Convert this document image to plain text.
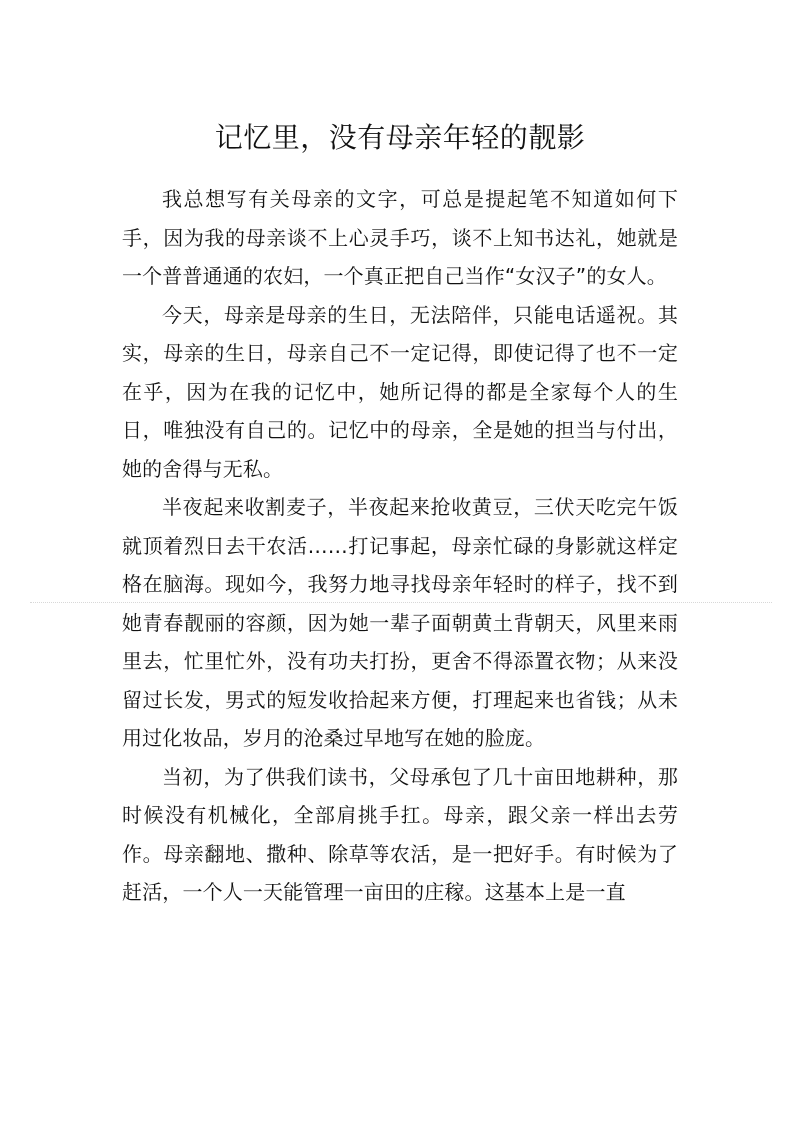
记忆里，没有母亲年轻的靓影

我总想写有关母亲的文字，可总是提起笔不知道如何下手，因为我的母亲谈不上心灵手巧，谈不上知书达礼，她就是一个普普通通的农妇，一个真正把自己当作“女汉子”的女人。

今天，母亲是母亲的生日，无法陪伴，只能电话遥祝。其实，母亲的生日，母亲自己不一定记得，即使记得了也不一定在乎，因为在我的记忆中，她所记得的都是全家每个人的生日，唯独没有自己的。记忆中的母亲，全是她的担当与付出，她的舍得与无私。

半夜起来收割麦子，半夜起来抢收黄豆，三伏天吃完午饭就顶着烈日去干农活……打记事起，母亲忙碌的身影就这样定格在脑海。现如今，我努力地寻找母亲年轻时的样子，找不到她青春靓丽的容颜，因为她一辈子面朝黄土背朝天，风里来雨里去，忙里忙外，没有功夫打扮，更舍不得添置衣物；从来没留过长发，男式的短发收拾起来方便，打理起来也省钱；从未用过化妆品，岁月的沧桑过早地写在她的脸庞。

当初，为了供我们读书，父母承包了几十亩田地耕种，那时候没有机械化，全部肩挑手扛。母亲，跟父亲一样出去劳作。母亲翻地、撒种、除草等农活，是一把好手。有时候为了赶活，一个人一天能管理一亩田的庄稼。这基本上是一直
